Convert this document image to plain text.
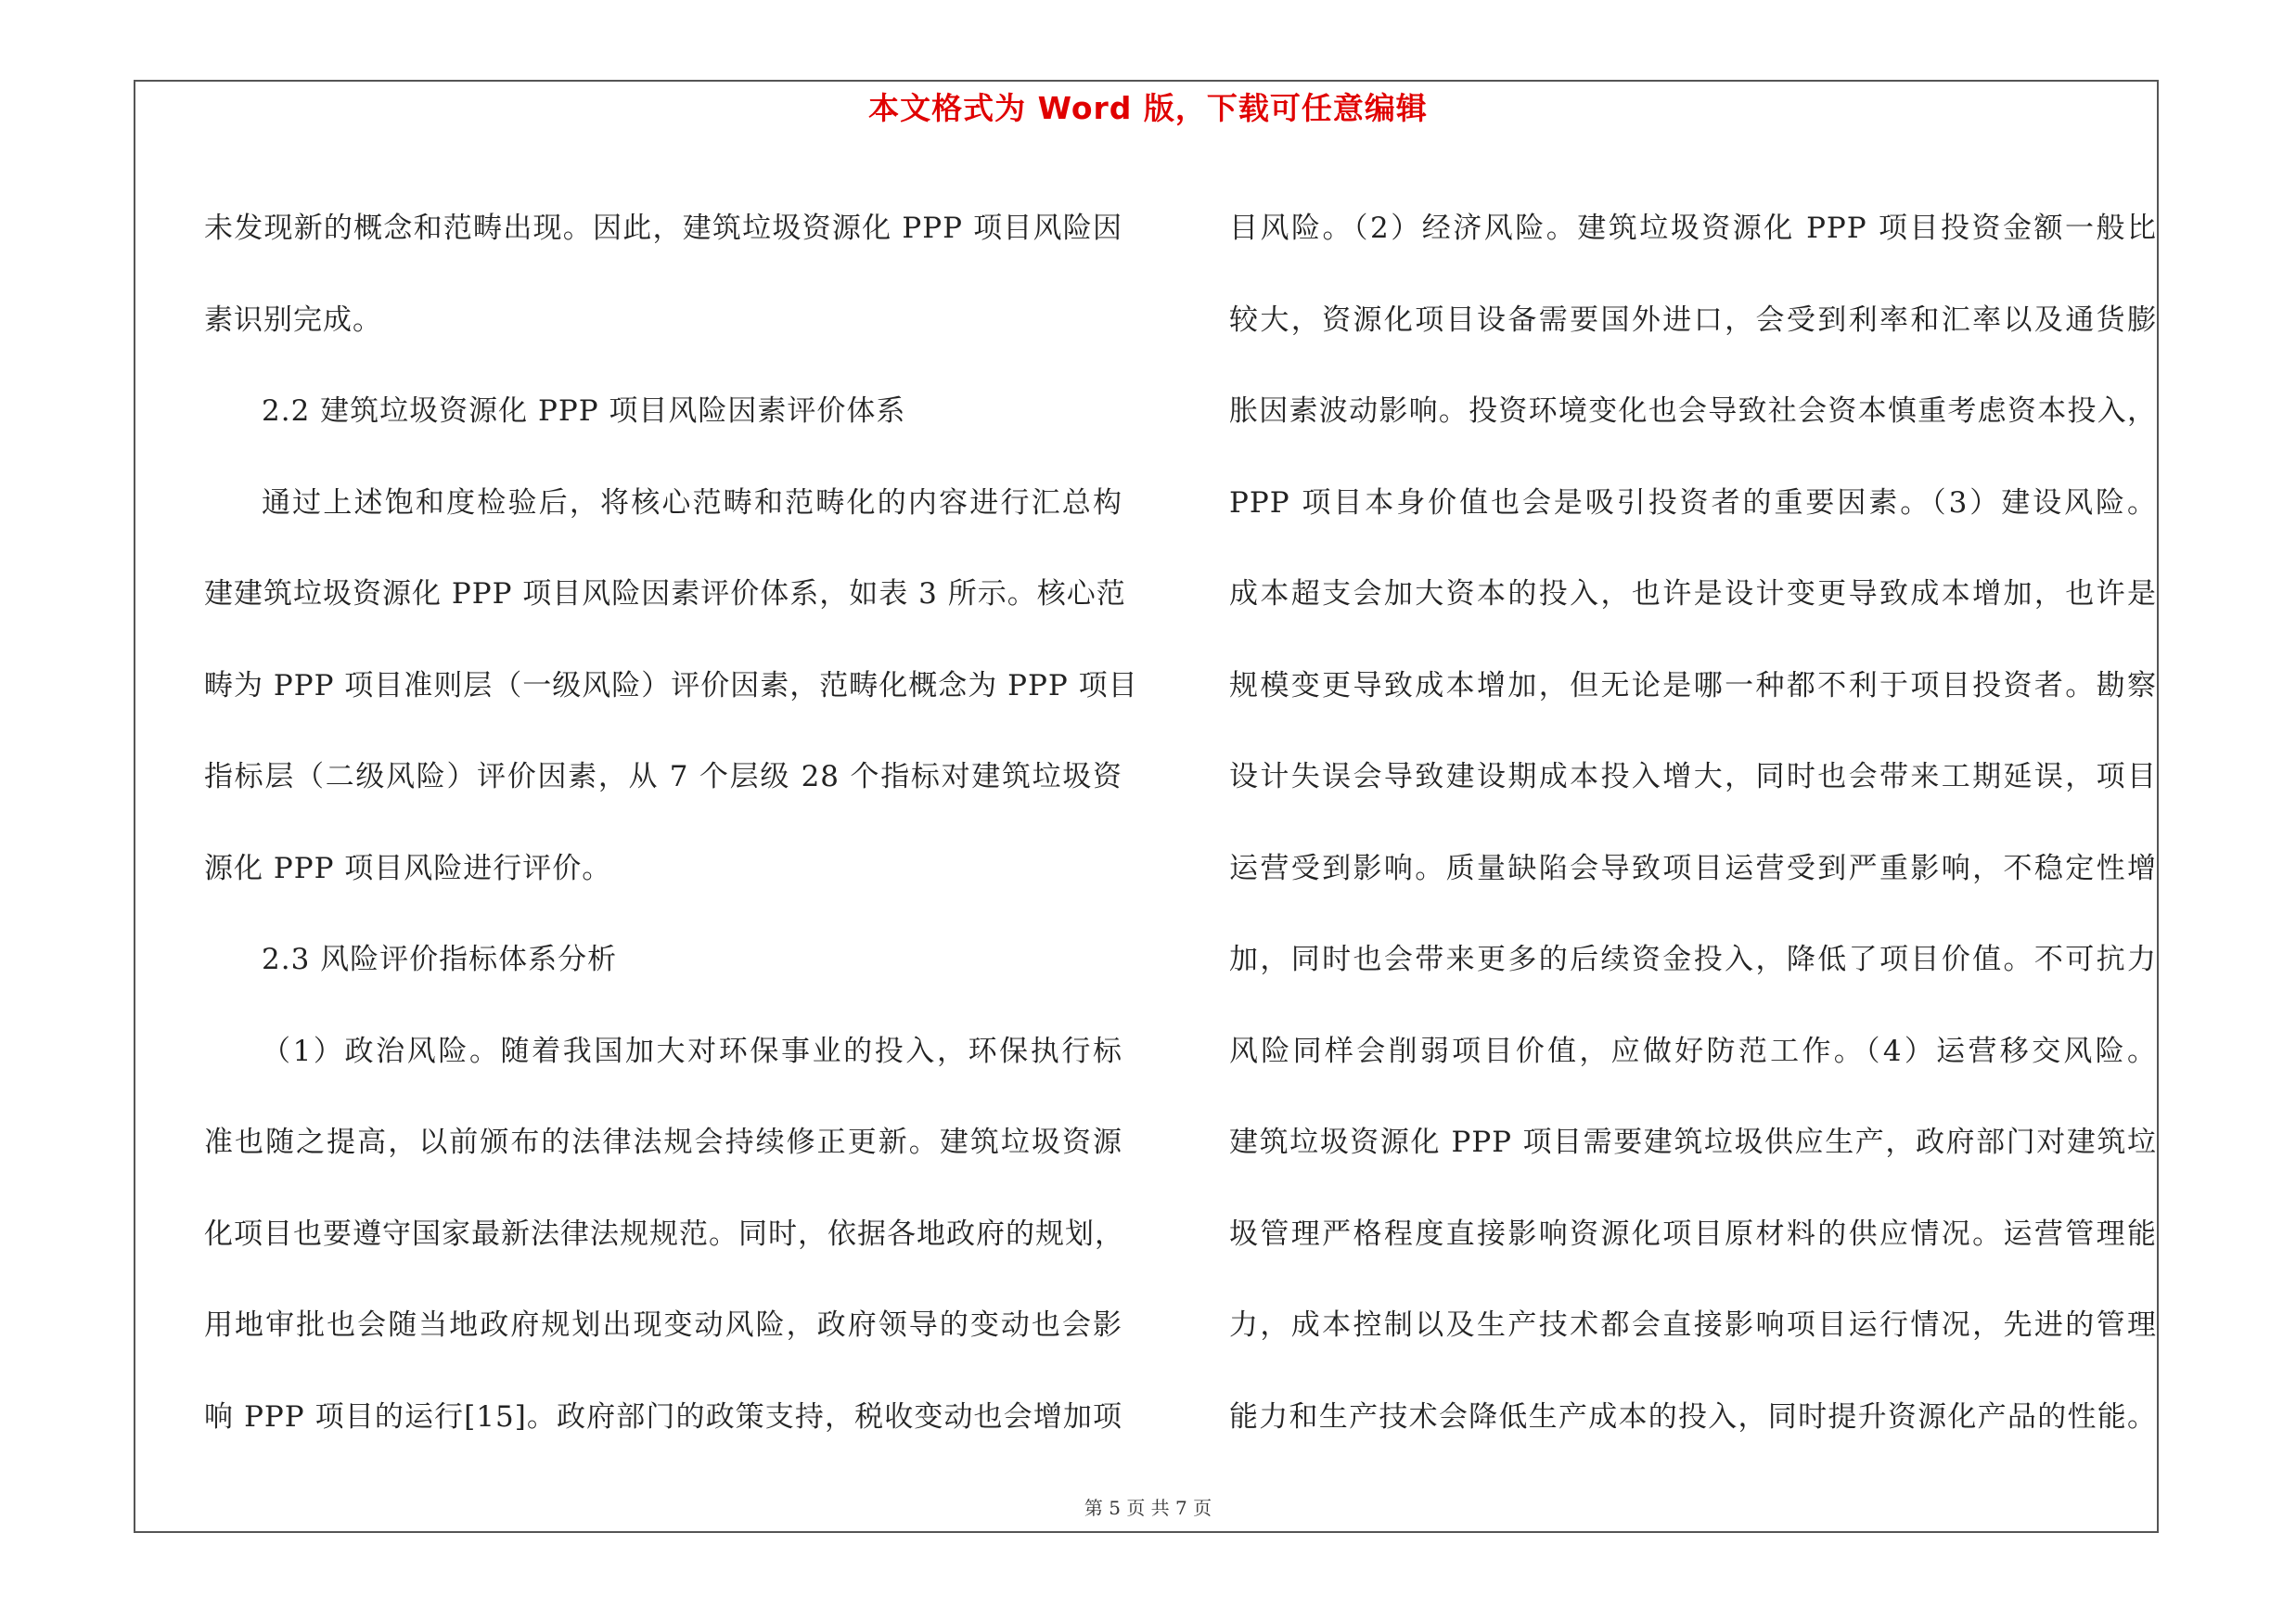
本文格式为 Word 版，下载可任意编辑
未发现新的概念和范畴出现。因此，建筑垃圾资源化 PPP 项目风险因
素识别完成。
2.2 建筑垃圾资源化 PPP 项目风险因素评价体系
通过上述饱和度检验后，将核心范畴和范畴化的内容进行汇总构
建建筑垃圾资源化 PPP 项目风险因素评价体系，如表 3 所示。核心范
畴为 PPP 项目准则层（一级风险）评价因素，范畴化概念为 PPP 项目
指标层（二级风险）评价因素，从 7 个层级 28 个指标对建筑垃圾资
源化 PPP 项目风险进行评价。
2.3 风险评价指标体系分析
（1）政治风险。随着我国加大对环保事业的投入，环保执行标
准也随之提高，以前颁布的法律法规会持续修正更新。建筑垃圾资源
化项目也要遵守国家最新法律法规规范。同时，依据各地政府的规划，
用地审批也会随当地政府规划出现变动风险，政府领导的变动也会影
响 PPP 项目的运行[15]。政府部门的政策支持，税收变动也会增加项
目风险。（2）经济风险。建筑垃圾资源化 PPP 项目投资金额一般比
较大，资源化项目设备需要国外进口，会受到利率和汇率以及通货膨
胀因素波动影响。投资环境变化也会导致社会资本慎重考虑资本投入，
PPP 项目本身价值也会是吸引投资者的重要因素。（3）建设风险。
成本超支会加大资本的投入，也许是设计变更导致成本增加，也许是
规模变更导致成本增加，但无论是哪一种都不利于项目投资者。勘察
设计失误会导致建设期成本投入增大，同时也会带来工期延误，项目
运营受到影响。质量缺陷会导致项目运营受到严重影响，不稳定性增
加，同时也会带来更多的后续资金投入，降低了项目价值。不可抗力
风险同样会削弱项目价值，应做好防范工作。（4）运营移交风险。
建筑垃圾资源化 PPP 项目需要建筑垃圾供应生产，政府部门对建筑垃
圾管理严格程度直接影响资源化项目原材料的供应情况。运营管理能
力，成本控制以及生产技术都会直接影响项目运行情况，先进的管理
能力和生产技术会降低生产成本的投入，同时提升资源化产品的性能。
第 5 页 共 7 页
